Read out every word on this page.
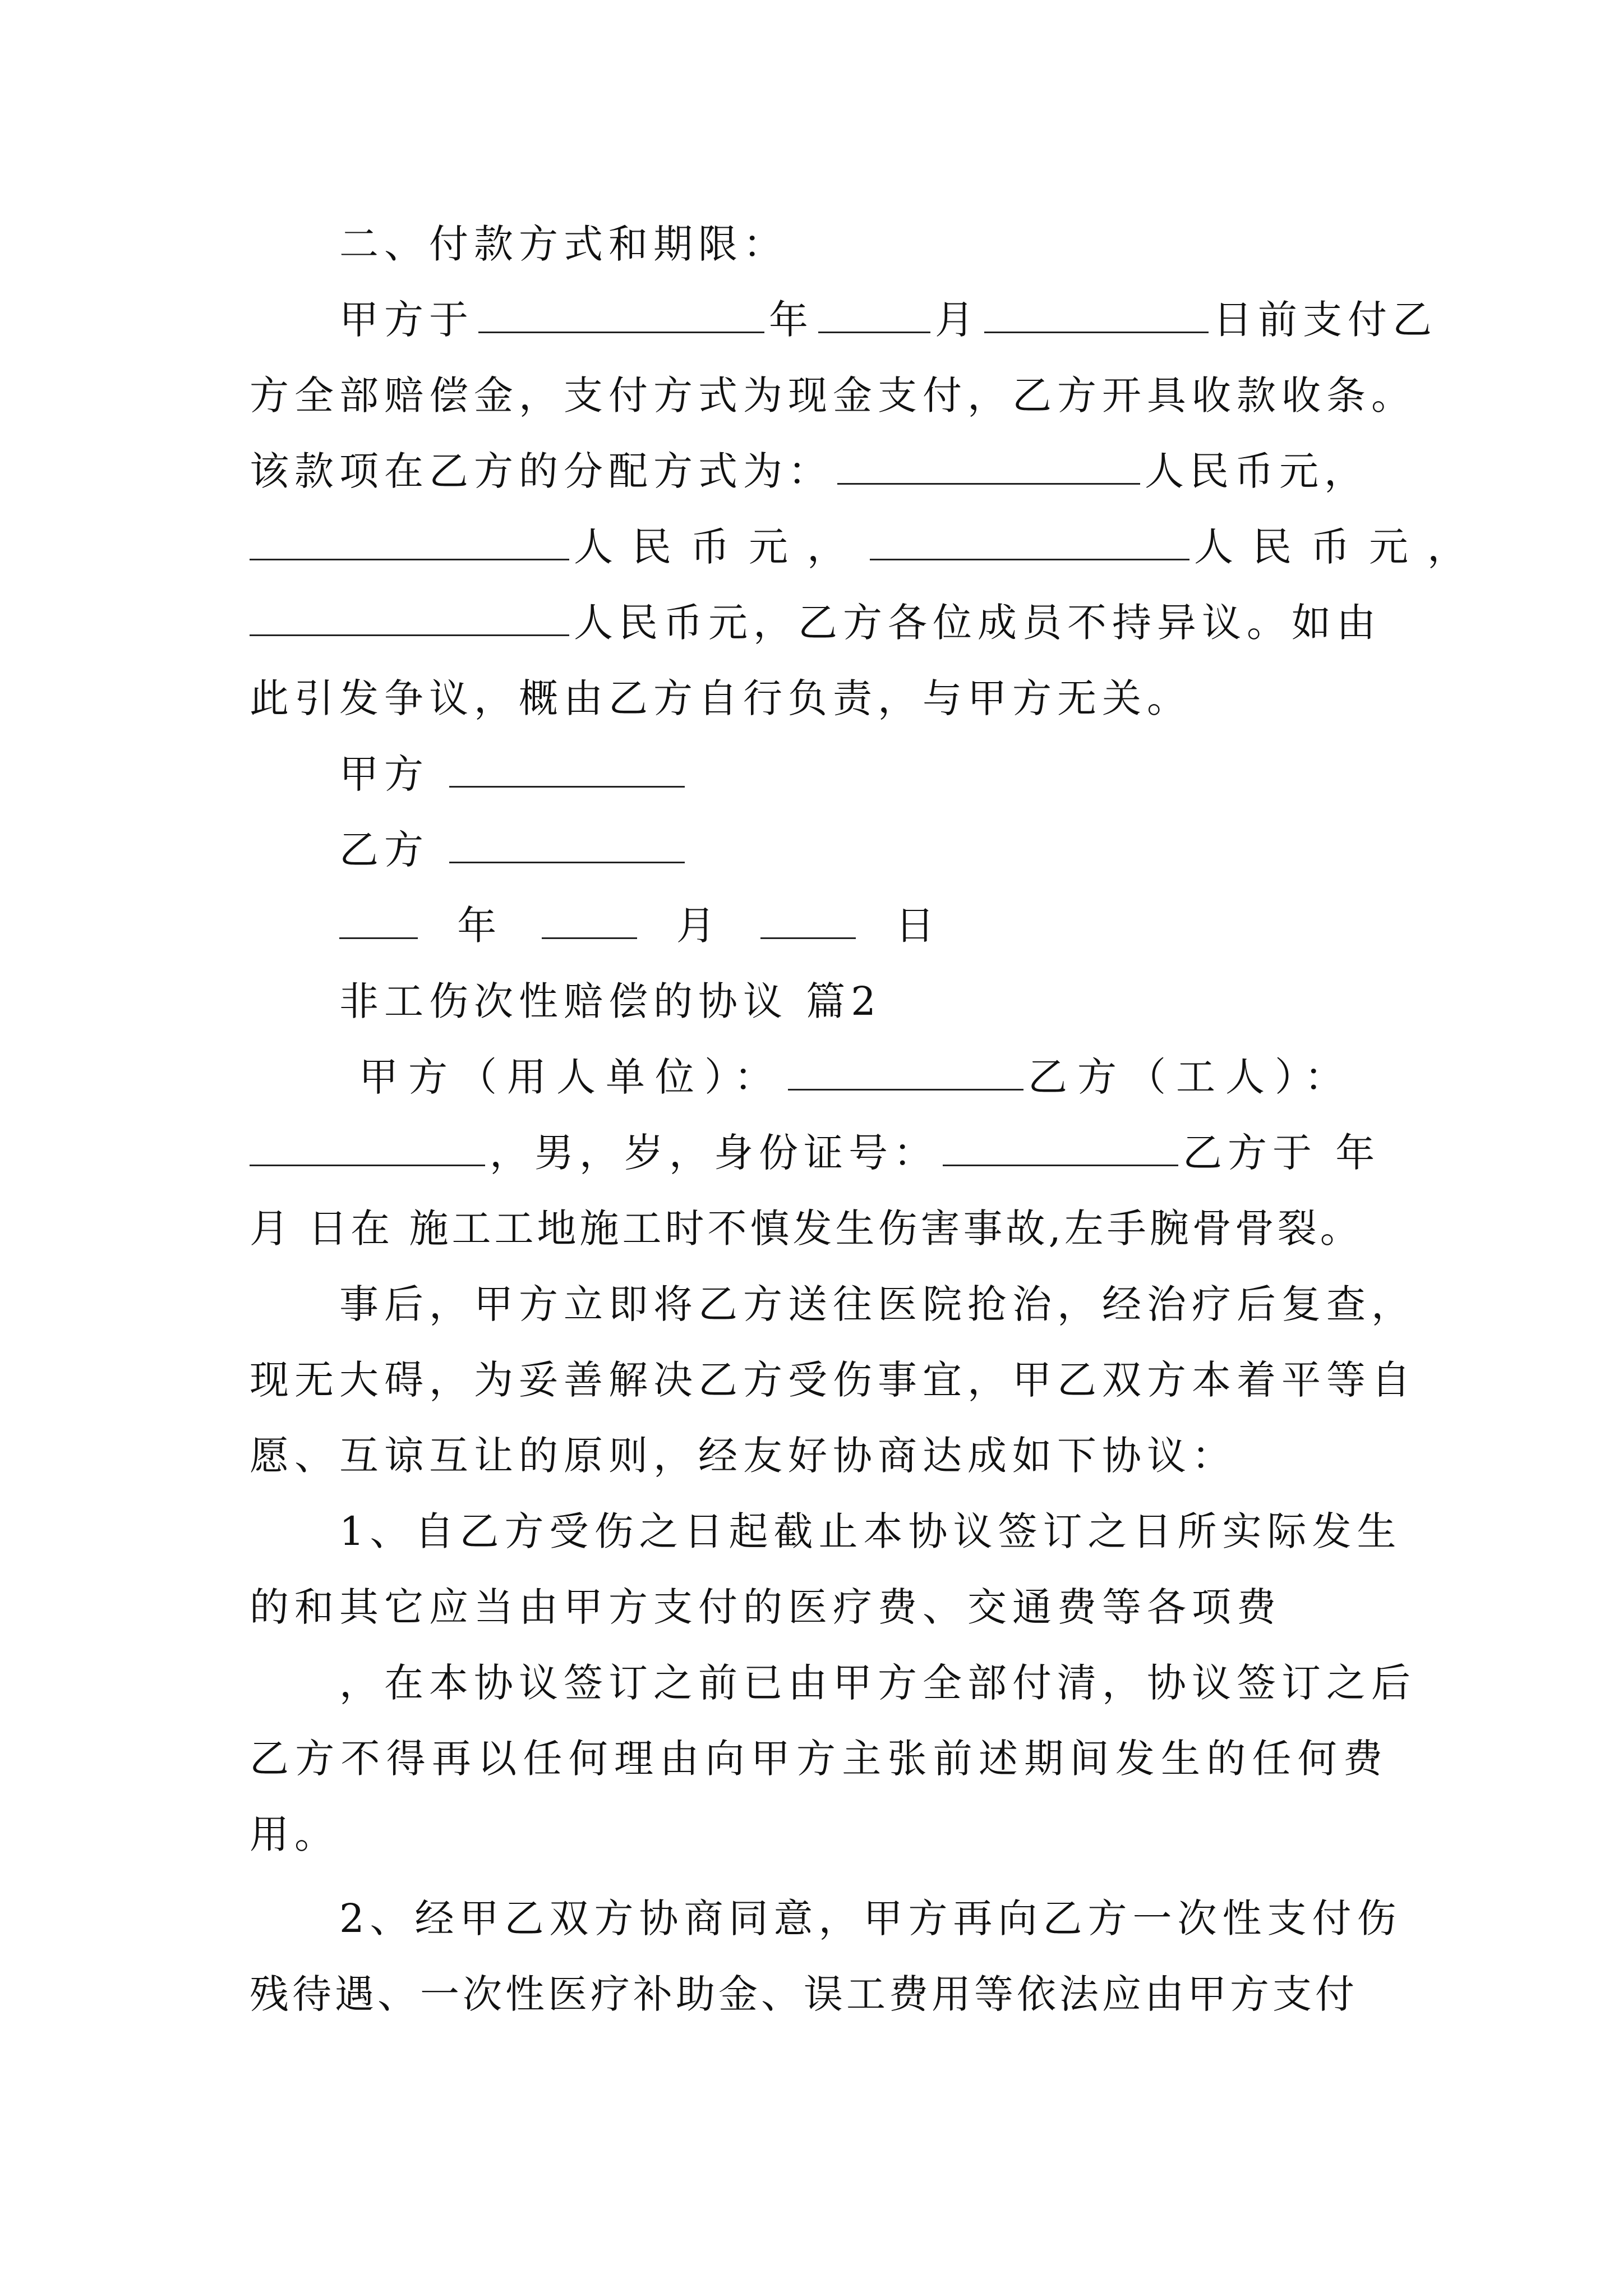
二、付款方式和期限：
甲方于	年	月	日前支付乙
方全部赔偿金，支付方式为现金支付，乙方开具收款收条。
该款项在乙方的分配方式为：	人民币元，
人民币元，	人民币元，
人民币元，乙方各位成员不持异议。如由
此引发争议，概由乙方自行负责，与甲方无关。
甲方
乙方
年	月	日
非工伤次性赔偿的协议 篇2
甲方（用人单位）：	乙方（工人）：
，男，岁，身份证号：	乙方于 年
月 日在 施工工地施工时不慎发生伤害事故,左手腕骨骨裂。
事后，甲方立即将乙方送往医院抢治，经治疗后复查，
现无大碍，为妥善解决乙方受伤事宜，甲乙双方本着平等自
愿、互谅互让的原则，经友好协商达成如下协议：
1、自乙方受伤之日起截止本协议签订之日所实际发生
的和其它应当由甲方支付的医疗费、交通费等各项费
，在本协议签订之前已由甲方全部付清，协议签订之后
乙方不得再以任何理由向甲方主张前述期间发生的任何费
用。
2、经甲乙双方协商同意，甲方再向乙方一次性支付伤
残待遇、一次性医疗补助金、误工费用等依法应由甲方支付
